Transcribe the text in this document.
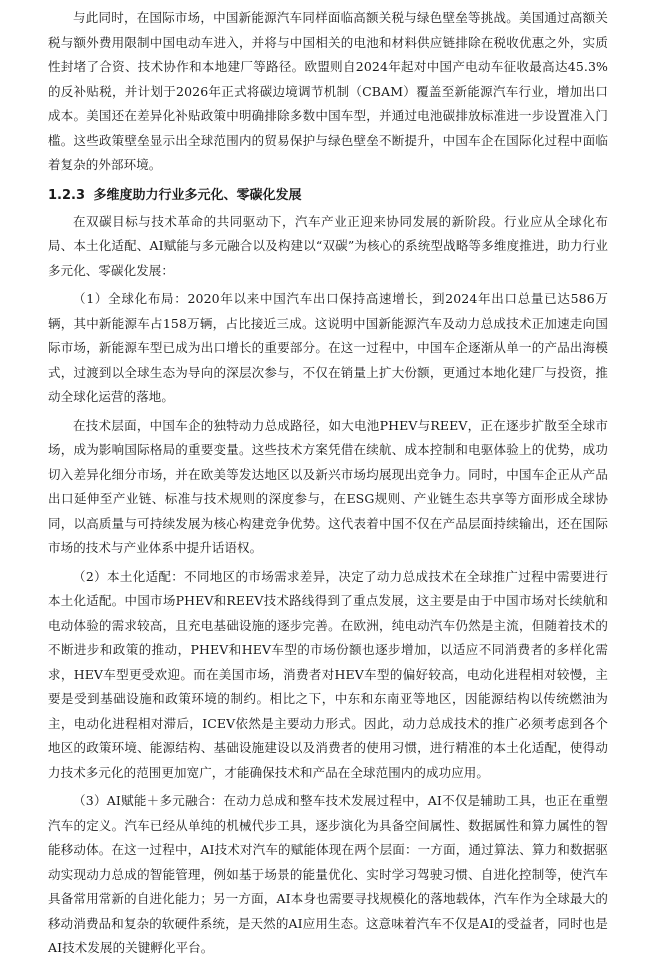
与此同时，在国际市场，中国新能源汽车同样面临高额关税与绿色壁垒等挑战。美国通过高额关税与额外费用限制中国电动车进入，并将与中国相关的电池和材料供应链排除在税收优惠之外，实质性封堵了合资、技术协作和本地建厂等路径。欧盟则自2024年起对中国产电动车征收最高达45.3%的反补贴税，并计划于2026年正式将碳边境调节机制（CBAM）覆盖至新能源汽车行业，增加出口成本。美国还在差异化补贴政策中明确排除多数中国车型，并通过电池碳排放标准进一步设置准入门槛。这些政策壁垒显示出全球范围内的贸易保护与绿色壁垒不断提升，中国车企在国际化过程中面临着复杂的外部环境。

1.2.3 多维度助力行业多元化、零碳化发展

在双碳目标与技术革命的共同驱动下，汽车产业正迎来协同发展的新阶段。行业应从全球化布局、本土化适配、AI赋能与多元融合以及构建以“双碳”为核心的系统型战略等多维度推进，助力行业多元化、零碳化发展：

（1）全球化布局：2020年以来中国汽车出口保持高速增长，到2024年出口总量已达586万辆，其中新能源车占158万辆，占比接近三成。这说明中国新能源汽车及动力总成技术正加速走向国际市场，新能源车型已成为出口增长的重要部分。在这一过程中，中国车企逐渐从单一的产品出海模式，过渡到以全球生态为导向的深层次参与，不仅在销量上扩大份额，更通过本地化建厂与投资，推动全球化运营的落地。

在技术层面，中国车企的独特动力总成路径，如大电池PHEV与REEV，正在逐步扩散至全球市场，成为影响国际格局的重要变量。这些技术方案凭借在续航、成本控制和电驱体验上的优势，成功切入差异化细分市场，并在欧美等发达地区以及新兴市场均展现出竞争力。同时，中国车企正从产品出口延伸至产业链、标准与技术规则的深度参与，在ESG规则、产业链生态共享等方面形成全球协同，以高质量与可持续发展为核心构建竞争优势。这代表着中国不仅在产品层面持续输出，还在国际市场的技术与产业体系中提升话语权。

（2）本土化适配：不同地区的市场需求差异，决定了动力总成技术在全球推广过程中需要进行本土化适配。中国市场PHEV和REEV技术路线得到了重点发展，这主要是由于中国市场对长续航和电动体验的需求较高，且充电基础设施的逐步完善。在欧洲，纯电动汽车仍然是主流，但随着技术的不断进步和政策的推动，PHEV和HEV车型的市场份额也逐步增加，以适应不同消费者的多样化需求，HEV车型更受欢迎。而在美国市场，消费者对HEV车型的偏好较高，电动化进程相对较慢，主要是受到基础设施和政策环境的制约。相比之下，中东和东南亚等地区，因能源结构以传统燃油为主，电动化进程相对滞后，ICEV依然是主要动力形式。因此，动力总成技术的推广必须考虑到各个地区的政策环境、能源结构、基础设施建设以及消费者的使用习惯，进行精准的本土化适配，使得动力技术多元化的范围更加宽广，才能确保技术和产品在全球范围内的成功应用。

（3）AI赋能＋多元融合：在动力总成和整车技术发展过程中，AI不仅是辅助工具，也正在重塑汽车的定义。汽车已经从单纯的机械代步工具，逐步演化为具备空间属性、数据属性和算力属性的智能移动体。在这一过程中，AI技术对汽车的赋能体现在两个层面：一方面，通过算法、算力和数据驱动实现动力总成的智能管理，例如基于场景的能量优化、实时学习驾驶习惯、自进化控制等，使汽车具备常用常新的自进化能力；另一方面，AI本身也需要寻找规模化的落地载体，汽车作为全球最大的移动消费品和复杂的软硬件系统，是天然的AI应用生态。这意味着汽车不仅是AI的受益者，同时也是AI技术发展的关键孵化平台。
